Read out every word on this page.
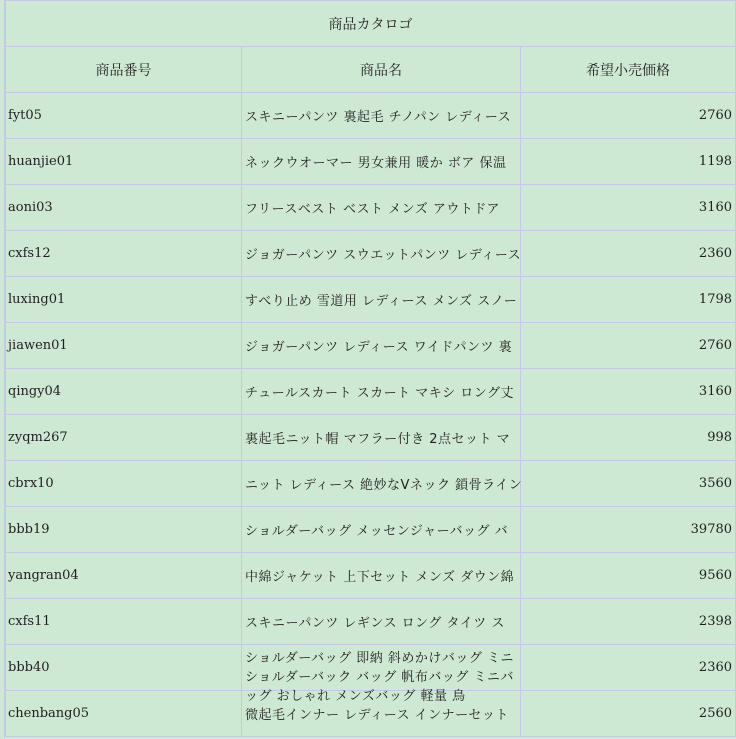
商品カタロゴ		
商品番号	商品名	希望小売価格
fyt05	スキニーパンツ 裏起毛 チノパン レディース	2760
huanjie01	ネックウオーマー 男女兼用 暖か ボア 保温	1198
aoni03	フリースベスト ベスト メンズ アウトドア	3160
cxfs12	ジョガーパンツ スウエットパンツ レディース	2360
luxing01	すべり止め 雪道用 レディース メンズ スノー	1798
jiawen01	ジョガーパンツ レディース ワイドパンツ 裏	2760
qingy04	チュールスカート スカート マキシ ロング丈	3160
zyqm267	裏起毛ニット帽 マフラー付き 2点セット マ	998
cbrx10	ニット レディース 絶妙なVネック 鎖骨ライン	3560
bbb19	ショルダーバッグ メッセンジャーバッグ バ	39780
yangran04	中綿ジャケット 上下セット メンズ ダウン綿	9560
cxfs11	スキニーパンツ レギンス ロング タイツ ス	2398
bbb40	ショルダーバッグ 即納 斜めかけバッグ ミニショルダーバック バッグ 帆布バッグ ミニバッグ おしゃれ メンズバッグ 軽量 鳥	2360
chenbang05	微起毛インナー レディース インナーセット	2560
